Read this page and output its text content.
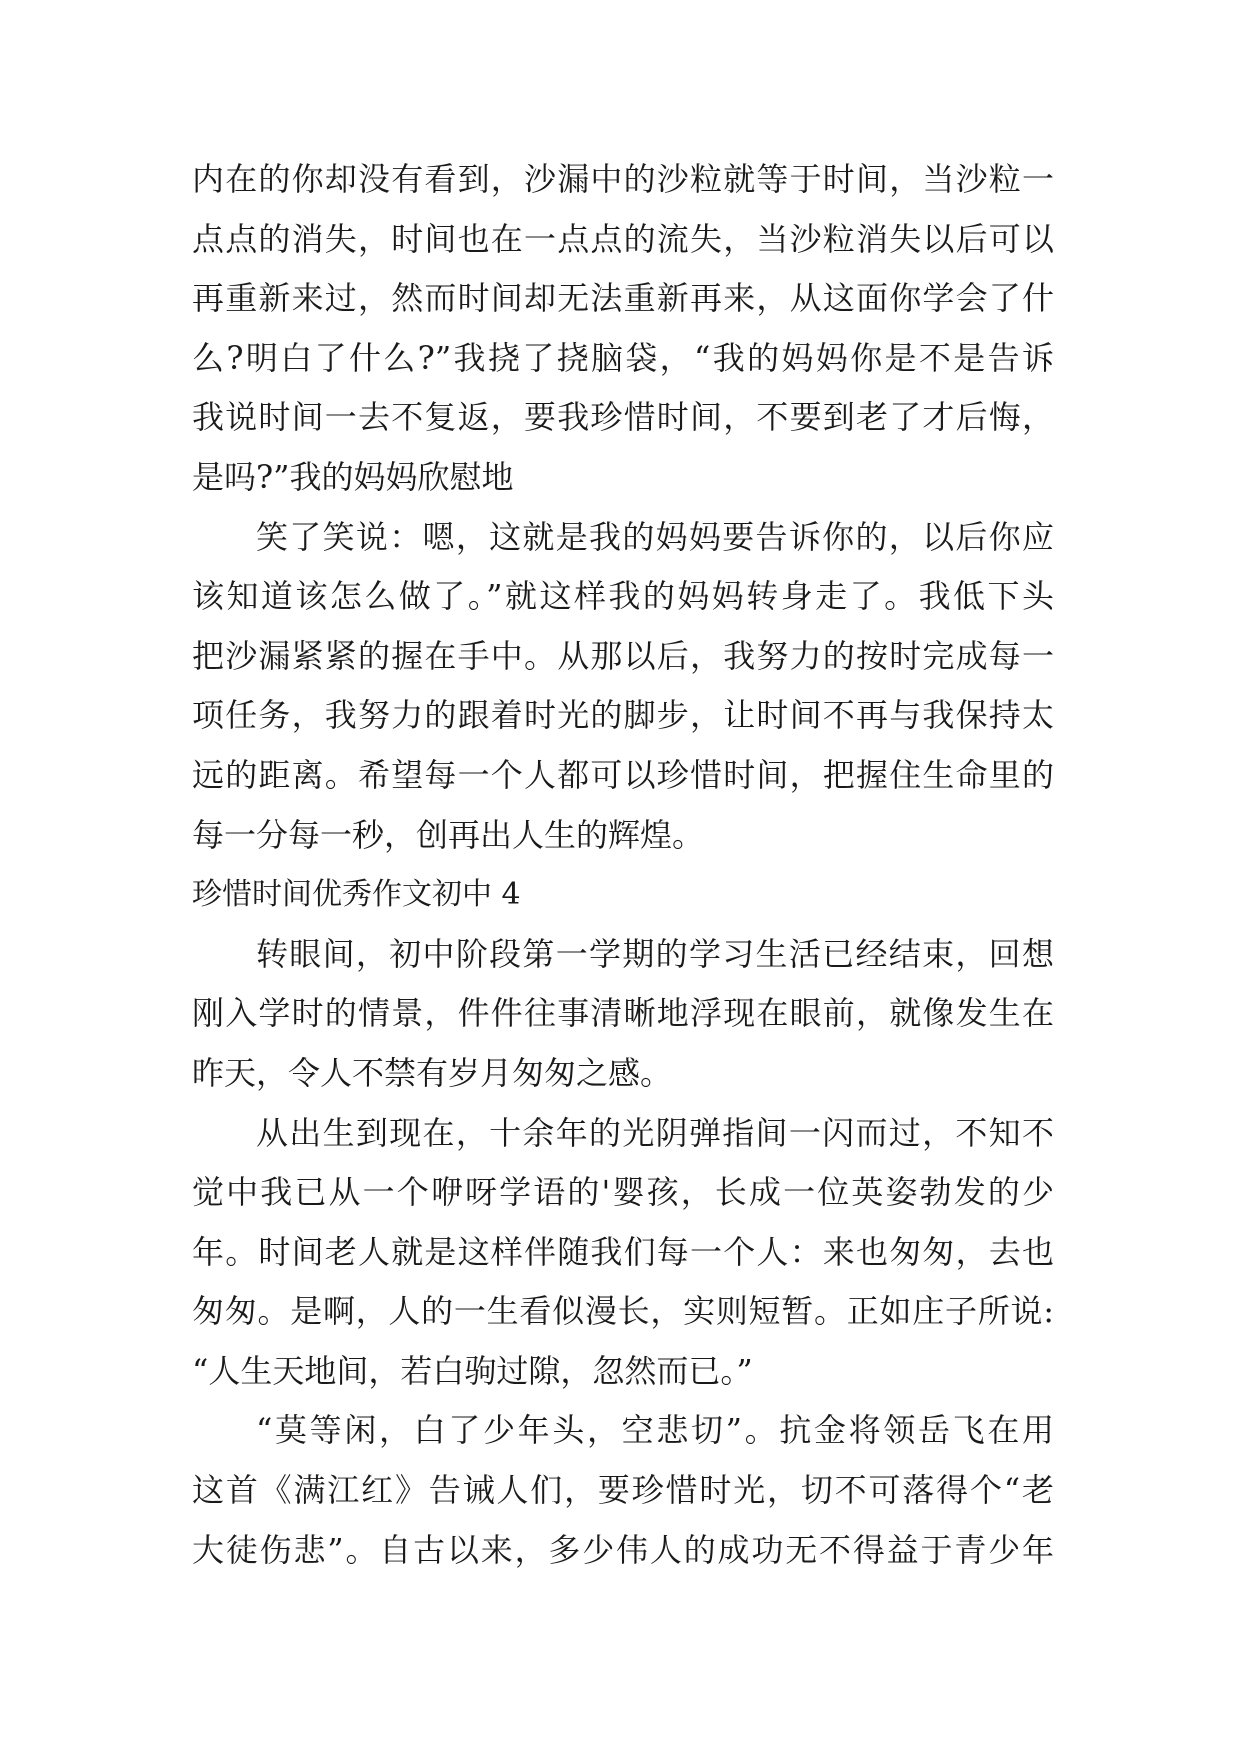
内在的你却没有看到，沙漏中的沙粒就等于时间，当沙粒一
点点的消失，时间也在一点点的流失，当沙粒消失以后可以
再重新来过，然而时间却无法重新再来，从这面你学会了什
么?明白了什么?”我挠了挠脑袋，“我的妈妈你是不是告诉
我说时间一去不复返，要我珍惜时间，不要到老了才后悔，
是吗?”我的妈妈欣慰地
笑了笑说：嗯，这就是我的妈妈要告诉你的，以后你应
该知道该怎么做了。”就这样我的妈妈转身走了。我低下头
把沙漏紧紧的握在手中。从那以后，我努力的按时完成每一
项任务，我努力的跟着时光的脚步，让时间不再与我保持太
远的距离。希望每一个人都可以珍惜时间，把握住生命里的
每一分每一秒，创再出人生的辉煌。
珍惜时间优秀作文初中 4
转眼间，初中阶段第一学期的学习生活已经结束，回想
刚入学时的情景，件件往事清晰地浮现在眼前，就像发生在
昨天，令人不禁有岁月匆匆之感。
从出生到现在，十余年的光阴弹指间一闪而过，不知不
觉中我已从一个咿呀学语的'婴孩，长成一位英姿勃发的少
年。时间老人就是这样伴随我们每一个人：来也匆匆，去也
匆匆。是啊，人的一生看似漫长，实则短暂。正如庄子所说:
“人生天地间，若白驹过隙，忽然而已。”
“莫等闲，白了少年头，空悲切”。抗金将领岳飞在用
这首《满江红》告诫人们，要珍惜时光，切不可落得个“老
大徒伤悲”。自古以来，多少伟人的成功无不得益于青少年
